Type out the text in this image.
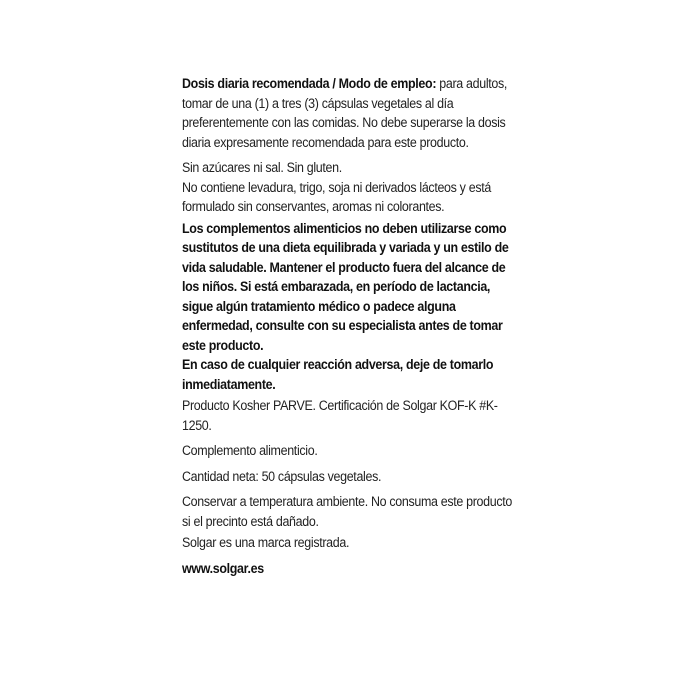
Dosis diaria recomendada / Modo de empleo: para adultos, tomar de una (1) a tres (3) cápsulas vegetales al día preferentemente con las comidas. No debe superarse la dosis diaria expresamente recomendada para este producto.

Sin azúcares ni sal. Sin gluten.

No contiene levadura, trigo, soja ni derivados lácteos y está formulado sin conservantes, aromas ni colorantes.

Los complementos alimenticios no deben utilizarse como sustitutos de una dieta equilibrada y variada y un estilo de vida saludable. Mantener el producto fuera del alcance de los niños. Si está embarazada, en período de lactancia, sigue algún tratamiento médico o padece alguna enfermedad, consulte con su especialista antes de tomar este producto.

En caso de cualquier reacción adversa, deje de tomarlo inmediatamente.

Producto Kosher PARVE. Certificación de Solgar KOF-K #K-1250.

Complemento alimenticio.

Cantidad neta: 50 cápsulas vegetales.

Conservar a temperatura ambiente. No consuma este producto si el precinto está dañado.

Solgar es una marca registrada.

www.solgar.es
